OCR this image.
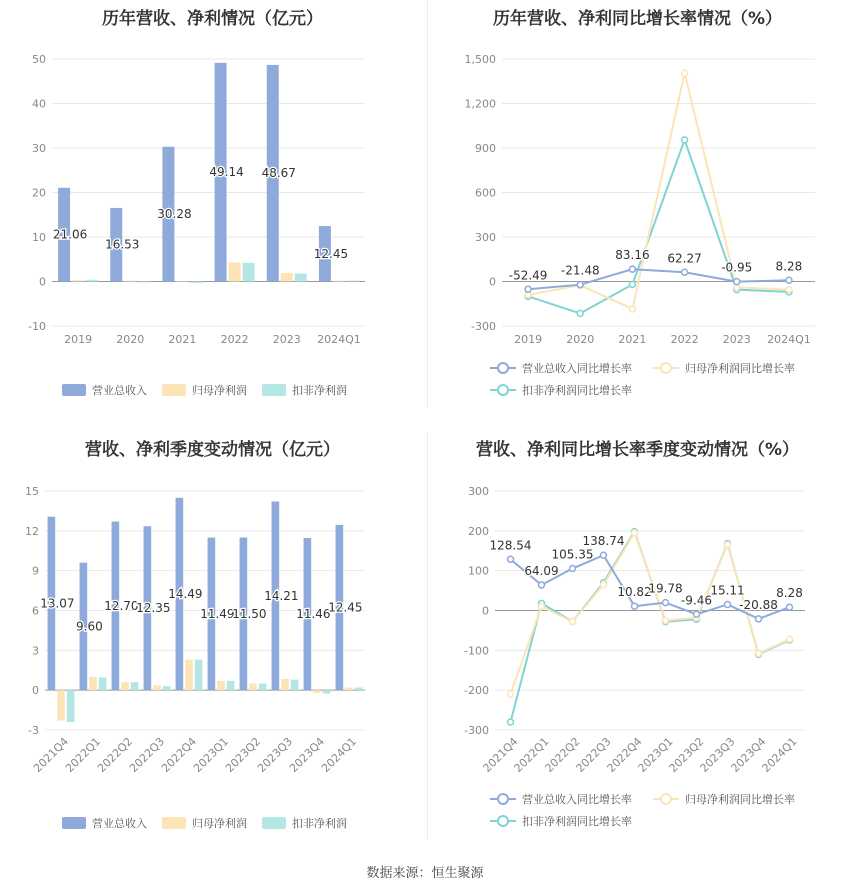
历年营收、净利情况（亿元）
-10
0
10
20
30
40
50
2019 2020 2021 2022 2023 2024Q1
21.06
16.53
30.28
49.14 48.67
12.45
营业总收入	归母净利润	扣非净利润
历年营收、净利同比增长率情况（%）
-300
0
300
600
900
1,200
1,500
2019 2020 2021 2022 2023 2024Q1
-52.49 -21.48
83.16 62.27
-0.95 8.28
营业总收入同比增长率	归母净利润同比增长率
扣非净利润同比增长率
营收、净利季度变动情况（亿元）
-3
0
3
6
9
12
15
2021Q4
2022Q1
2022Q2
2022Q3
2022Q4
2023Q1
2023Q2
2023Q3
2023Q4
2024Q1
13.07
9.60
12.70
12.35
14.49
11.49
11.50
14.21
11.46
12.45
营业总收入	归母净利润	扣非净利润
营收、净利同比增长率季度变动情况（%）
-300
-200
-100
0
100
200
300
2021Q4
2022Q1
2022Q2
2022Q3
2022Q4
2023Q1
2023Q2
2023Q3
2023Q4
2024Q1
128.54
64.09
105.35
138.74
10.82
19.78
-9.46
15.11
-20.88
8.28
营业总收入同比增长率	归母净利润同比增长率
扣非净利润同比增长率
数据来源：恒生聚源
